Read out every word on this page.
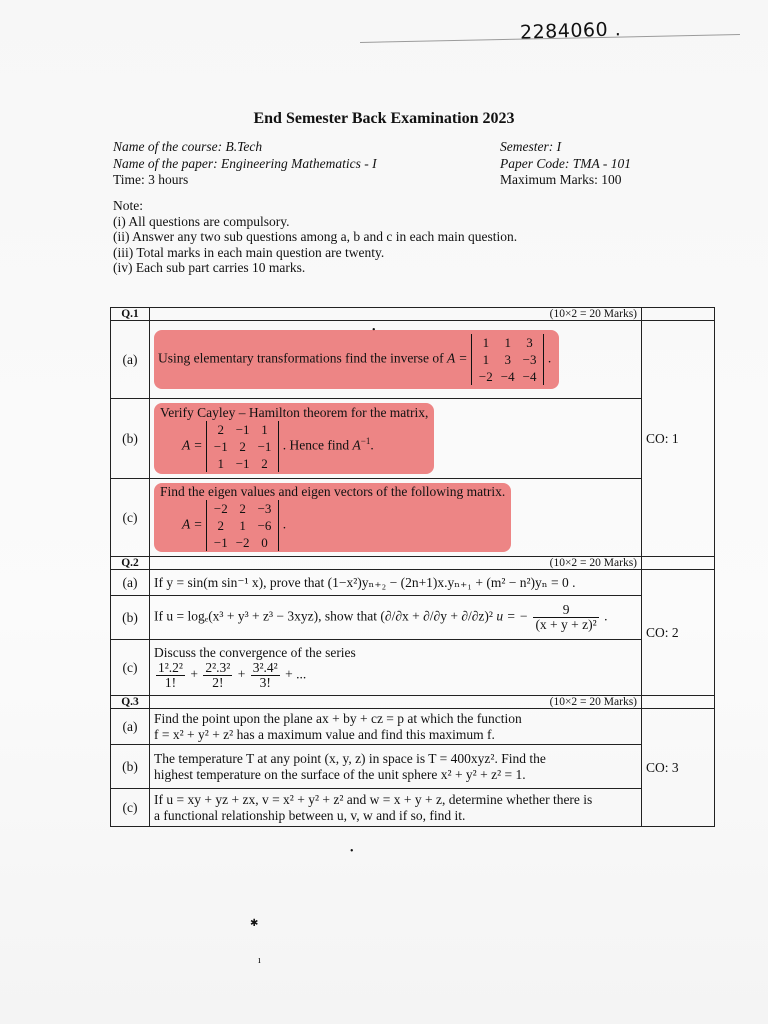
2284060 .
End Semester Back Examination 2023
Name of the course: B.Tech
Name of the paper: Engineering Mathematics - I
Time: 3 hours
Semester: I
Paper Code: TMA - 101
Maximum Marks: 100
Note:
(i) All questions are compulsory.
(ii) Answer any two sub questions among a, b and c in each main question.
(iii) Total marks in each main question are twenty.
(iv) Each sub part carries 10 marks.
Q.1	(10×2 = 20 Marks)	
(a)	Using elementary transformations find the inverse of A =
1	1	3
1	3	−3
−2	−4	−4
.	CO: 1
(b)	
Verify Cayley – Hamilton theorem for the matrix,
A =
2	−1	1
−1	2	−1
1	−1	2
. Hence find $A^{-1}$.

(c)	
Find the eigen values and eigen vectors of the following matrix.
A =
−2	2	−3
2	1	−6
−1	−2	0
.

Q.2	(10×2 = 20 Marks)	
(a)	If y = sin(m sin⁻¹ x), prove that (1−x²)yₙ₊₂ − (2n+1)x.yₙ₊₁ + (m² − n²)yₙ = 0 .	CO: 2
(b)	If u = logₑ(x³ + y³ + z³ − 3xyz), show that (∂/∂x + ∂/∂y + ∂/∂z)² u = − $\frac{9}{\text{(x + y + z)²}}$ .
(c)	
Discuss the convergence of the series
$\frac{\text{1².2²}}{1!} + \frac{\text{2².3²}}{2!} + \frac{\text{3².4²}}{3!}$ + ...

Q.3	(10×2 = 20 Marks)	
(a)	
Find the point upon the plane ax + by + cz = p at which the function
f = x² + y² + z² has a maximum value and find this maximum f.
	CO: 3
(b)	
The temperature T at any point (x, y, z) in space is T = 400xyz². Find the
highest temperature on the surface of the unit sphere x² + y² + z² = 1.

(c)	
If u = xy + yz + zx, v = x² + y² + z² and w = x + y + z, determine whether there is
a functional relationship between u, v, w and if so, find it.
•
✱
ı
